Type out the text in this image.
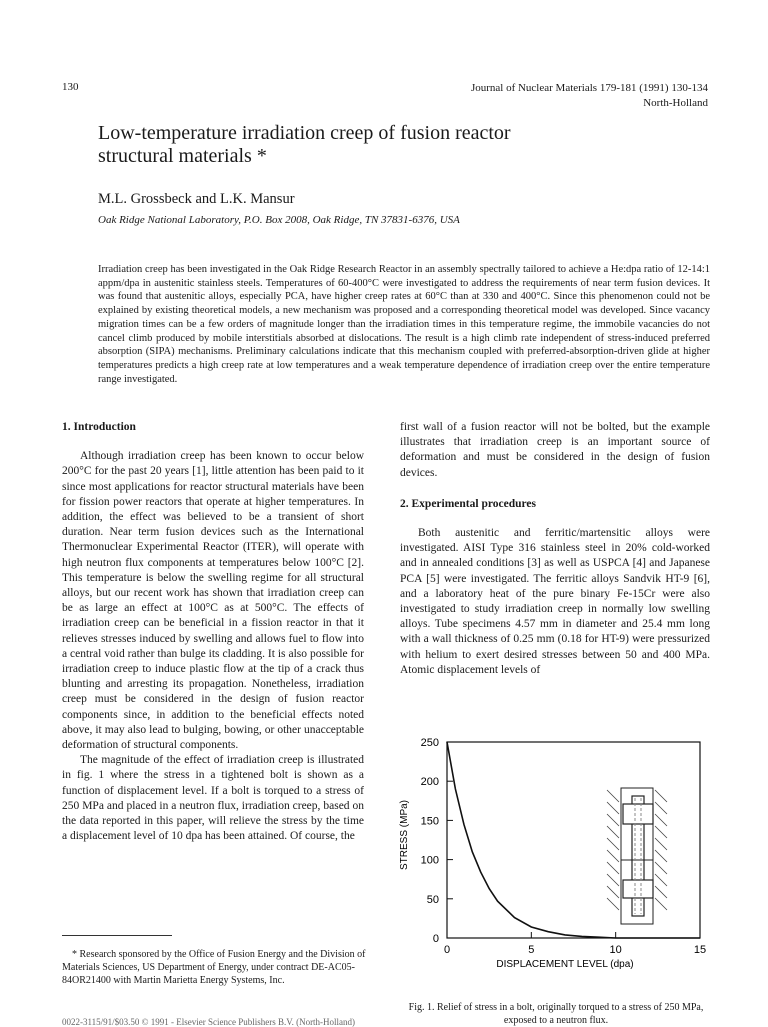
130	Journal of Nuclear Materials 179-181 (1991) 130-134
North-Holland
Low-temperature irradiation creep of fusion reactor
structural materials *
M.L. Grossbeck and L.K. Mansur
Oak Ridge National Laboratory, P.O. Box 2008, Oak Ridge, TN 37831-6376, USA
Irradiation creep has been investigated in the Oak Ridge Research Reactor in an assembly spectrally tailored to achieve a He:dpa ratio of 12-14:1 appm/dpa in austenitic stainless steels. Temperatures of 60-400°C were investigated to address the requirements of near term fusion devices. It was found that austenitic alloys, especially PCA, have higher creep rates at 60°C than at 330 and 400°C. Since this phenomenon could not be explained by existing theoretical models, a new mechanism was proposed and a corresponding theoretical model was developed. Since vacancy migration times can be a few orders of magnitude longer than the irradiation times in this temperature regime, the immobile vacancies do not cancel climb produced by mobile interstitials absorbed at dislocations. The result is a high climb rate independent of stress-induced preferred absorption (SIPA) mechanisms. Preliminary calculations indicate that this mechanism coupled with preferred-absorption-driven glide at higher temperatures predicts a high creep rate at low temperatures and a weak temperature dependence of irradiation creep over the entire temperature range investigated.
1. Introduction

Although irradiation creep has been known to occur below 200°C for the past 20 years [1], little attention has been paid to it since most applications for reactor structural materials have been for fission power reactors that operate at higher temperatures. In addition, the effect was believed to be a transient of short duration. Near term fusion devices such as the International Thermonuclear Experimental Reactor (ITER), will operate with high neutron flux components at temperatures below 100°C [2]. This temperature is below the swelling regime for all structural alloys, but our recent work has shown that irradiation creep can be as large an effect at 100°C as at 500°C. The effects of irradiation creep can be beneficial in a fission reactor in that it relieves stresses induced by swelling and allows fuel to flow into a central void rather than bulge its cladding. It is also possible for irradiation creep to induce plastic flow at the tip of a crack thus blunting and arresting its propagation. Nonetheless, irradiation creep must be considered in the design of fusion reactor components since, in addition to the beneficial effects noted above, it may also lead to bulging, bowing, or other unacceptable deformation of structural components.

The magnitude of the effect of irradiation creep is illustrated in fig. 1 where the stress in a tightened bolt is shown as a function of displacement level. If a bolt is torqued to a stress of 250 MPa and placed in a neutron flux, irradiation creep, based on the data reported in this paper, will relieve the stress by the time a displacement level of 10 dpa has been attained. Of course, the

first wall of a fusion reactor will not be bolted, but the example illustrates that irradiation creep is an important source of deformation and must be considered in the design of fusion devices.

2. Experimental procedures

Both austenitic and ferritic/martensitic alloys were investigated. AISI Type 316 stainless steel in 20% cold-worked and in annealed conditions [3] as well as USPCA [4] and Japanese PCA [5] were investigated. The ferritic alloys Sandvik HT-9 [6], and a laboratory heat of the pure binary Fe-15Cr were also investigated to study irradiation creep in normally low swelling alloys. Tube specimens 4.57 mm in diameter and 25.4 mm long with a wall thickness of 0.25 mm (0.18 for HT-9) were pressurized with helium to exert desired stresses between 50 and 400 MPa. Atomic displacement levels of

* Research sponsored by the Office of Fusion Energy and the Division of Materials Sciences, US Department of Energy, under contract DE-AC05-84OR21400 with Martin Marietta Energy Systems, Inc.
0022-3115/91/$03.50 © 1991 - Elsevier Science Publishers B.V. (North-Holland)
0
50
100
150
200
250
0	5	10	15
DISPLACEMENT LEVEL (dpa)
STRESS (MPa)
Fig. 1. Relief of stress in a bolt, originally torqued to a stress of 250 MPa, exposed to a neutron flux.
